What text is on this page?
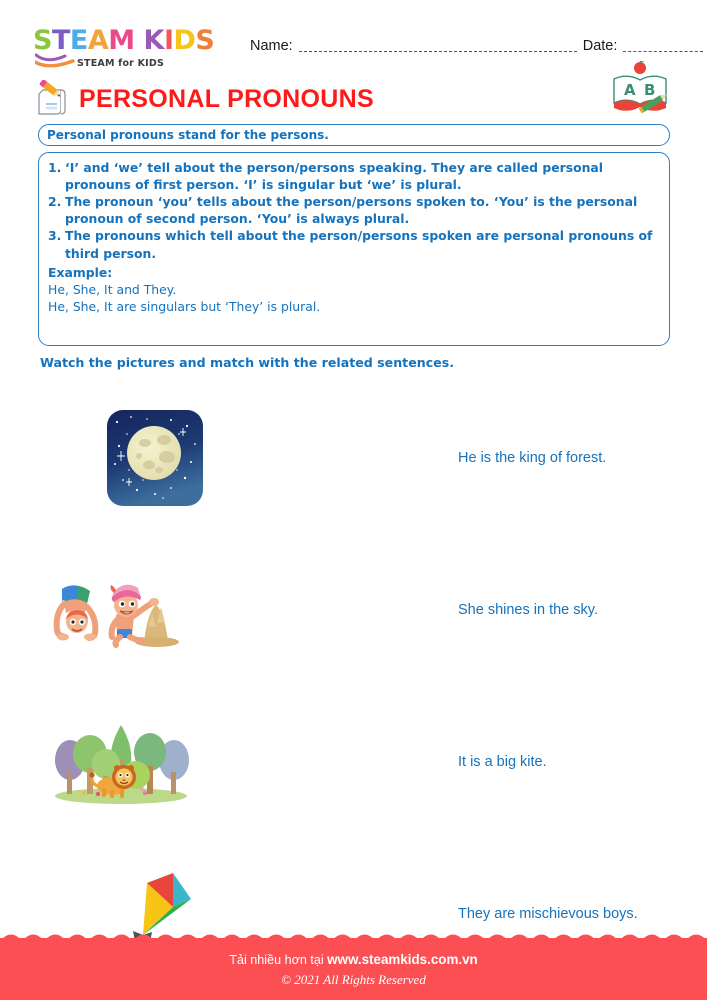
STEAM KIDS
STEAM for KIDS
Name:	Date:
PERSONAL PRONOUNS	A B
Personal pronouns stand for the persons.
1. ‘I’ and ‘we’ tell about the person/persons speaking. They are called personal pronouns of first person. ‘I’ is singular but ‘we’ is plural.
2. The pronoun ‘you’ tells about the person/persons spoken to. ‘You’ is the personal pronoun of second person. ‘You’ is always plural.
3. The pronouns which tell about the person/persons spoken are personal pronouns of third person.
Example:
He, She, It and They.
He, She, It are singulars but ‘They’ is plural.
Watch the pictures and match with the related sentences.
He is the king of forest.
She shines in the sky.
It is a big kite.
They are mischievous boys.
Tải nhiều hơn tại www.steamkids.com.vn
© 2021 All Rights Reserved
